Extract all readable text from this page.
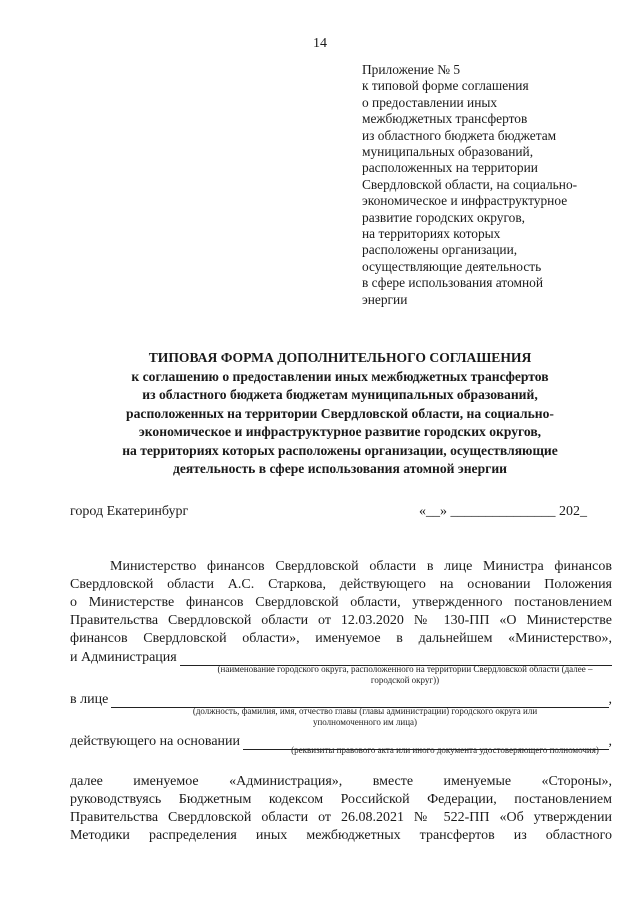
14
Приложение № 5
к типовой форме соглашения
о предоставлении иных
межбюджетных трансфертов
из областного бюджета бюджетам
муниципальных образований,
расположенных на территории
Свердловской области, на социально-
экономическое и инфраструктурное
развитие городских округов,
на территориях которых
расположены организации,
осуществляющие деятельность
в сфере использования атомной
энергии
ТИПОВАЯ ФОРМА ДОПОЛНИТЕЛЬНОГО СОГЛАШЕНИЯ
к соглашению о предоставлении иных межбюджетных трансфертов
из областного бюджета бюджетам муниципальных образований,
расположенных на территории Свердловской области, на социально-
экономическое и инфраструктурное развитие городских округов,
на территориях которых расположены организации, осуществляющие
деятельность в сфере использования атомной энергии
город Екатеринбург	«__» _______________ 202_
Министерство финансов Свердловской области в лице Министра финансов
Свердловской области А.С. Старкова, действующего на основании Положения
о Министерстве финансов Свердловской области, утвержденного постановлением
Правительства Свердловской области от 12.03.2020 № 130-ПП «О Министерстве
финансов Свердловской области», именуемое в дальнейшем «Министерство»,
и Администрация
(наименование городского округа, расположенного на территории Свердловской области (далее – городской округ))
в лице	,
(должность, фамилия, имя, отчество главы (главы администрации) городского округа или уполномоченного им лица)
действующего на основании	,
(реквизиты правового акта или иного документа удостоверяющего полномочия)
далее именуемое «Администрация», вместе именуемые «Стороны»,
руководствуясь Бюджетным кодексом Российской Федерации, постановлением
Правительства Свердловской области от 26.08.2021 № 522-ПП «Об утверждении
Методики распределения иных межбюджетных трансфертов из областного
